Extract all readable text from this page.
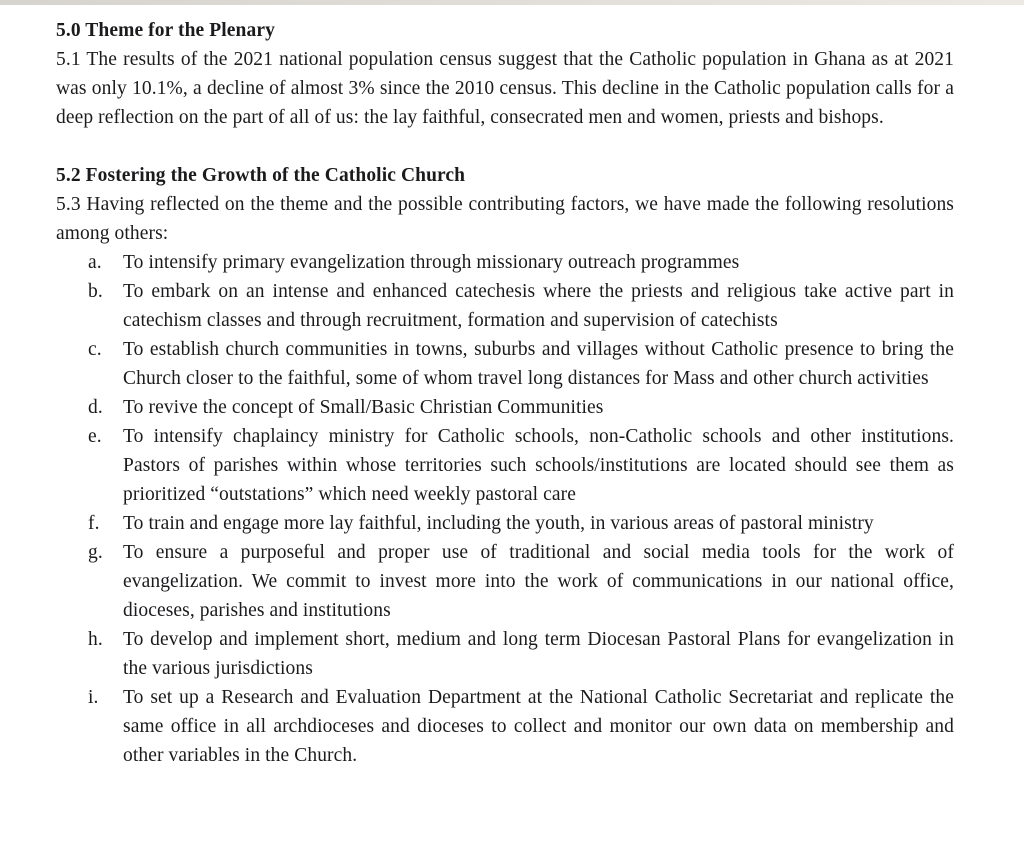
5.0 Theme for the Plenary

5.1 The results of the 2021 national population census suggest that the Catholic population in Ghana as at 2021 was only 10.1%, a decline of almost 3% since the 2010 census. This decline in the Catholic population calls for a deep reflection on the part of all of us: the lay faithful, consecrated men and women, priests and bishops.

5.2 Fostering the Growth of the Catholic Church

5.3 Having reflected on the theme and the possible contributing factors, we have made the following resolutions among others:

a.	To intensify primary evangelization through missionary outreach programmes
b.	To embark on an intense and enhanced catechesis where the priests and religious take active part in catechism classes and through recruitment, formation and supervision of catechists
c.	To establish church communities in towns, suburbs and villages without Catholic presence to bring the Church closer to the faithful, some of whom travel long distances for Mass and other church activities
d.	To revive the concept of Small/Basic Christian Communities
e.	To intensify chaplaincy ministry for Catholic schools, non-Catholic schools and other institutions. Pastors of parishes within whose territories such schools/institutions are located should see them as prioritized “outstations” which need weekly pastoral care
f.	To train and engage more lay faithful, including the youth, in various areas of pastoral ministry
g.	To ensure a purposeful and proper use of traditional and social media tools for the work of evangelization. We commit to invest more into the work of communications in our national office, dioceses, parishes and institutions
h.	To develop and implement short, medium and long term Diocesan Pastoral Plans for evangelization in the various jurisdictions
i.	To set up a Research and Evaluation Department at the National Catholic Secretariat and replicate the same office in all archdioceses and dioceses to collect and monitor our own data on membership and other variables in the Church.
